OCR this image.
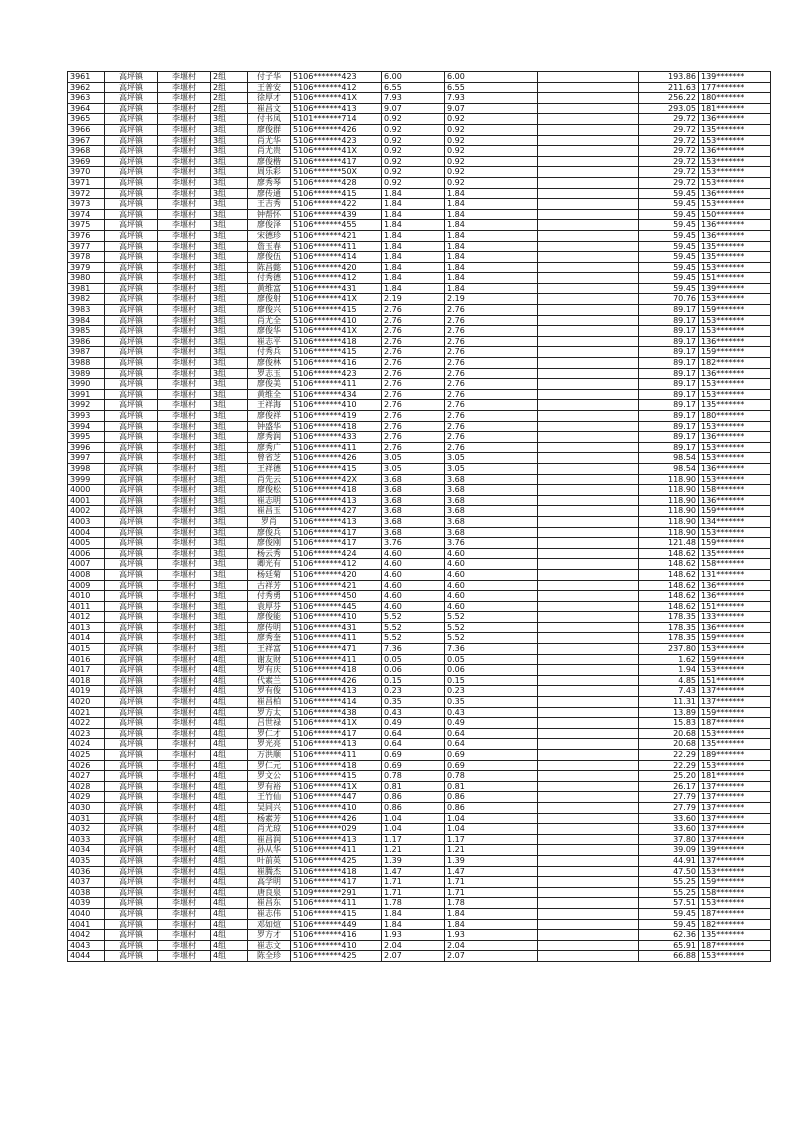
3961	高坪镇	李堰村	2组	付子华	5106*******423	6.00	6.00		193.86	139*******
3962	高坪镇	李堰村	2组	王普安	5106*******412	6.55	6.55		211.63	177*******
3963	高坪镇	李堰村	2组	徐厚才	5106*******41X	7.93	7.93		256.22	180*******
3964	高坪镇	李堰村	2组	崔昌文	5106*******413	9.07	9.07		293.05	181*******
3965	高坪镇	李堰村	3组	付书凤	5101*******714	0.92	0.92		29.72	136*******
3966	高坪镇	李堰村	3组	廖俊群	5106*******426	0.92	0.92		29.72	135*******
3967	高坪镇	李堰村	3组	肖尤华	5106*******423	0.92	0.92		29.72	153*******
3968	高坪镇	李堰村	3组	肖尤贵	5106*******41X	0.92	0.92		29.72	136*******
3969	高坪镇	李堰村	3组	廖俊楷	5106*******417	0.92	0.92		29.72	153*******
3970	高坪镇	李堰村	3组	周乐彩	5106*******50X	0.92	0.92		29.72	153*******
3971	高坪镇	李堰村	3组	廖秀琴	5106*******428	0.92	0.92		29.72	153*******
3972	高坪镇	李堰村	3组	廖传通	5106*******415	1.84	1.84		59.45	136*******
3973	高坪镇	李堰村	3组	王吉秀	5106*******422	1.84	1.84		59.45	153*******
3974	高坪镇	李堰村	3组	钟帮怀	5106*******439	1.84	1.84		59.45	150*******
3975	高坪镇	李堰村	3组	廖俊泽	5106*******455	1.84	1.84		59.45	136*******
3976	高坪镇	李堰村	3组	宋德珍	5106*******421	1.84	1.84		59.45	136*******
3977	高坪镇	李堰村	3组	詹玉春	5106*******411	1.84	1.84		59.45	135*******
3978	高坪镇	李堰村	3组	廖俊伍	5106*******414	1.84	1.84		59.45	135*******
3979	高坪镇	李堰村	3组	陈昌懿	5106*******420	1.84	1.84		59.45	153*******
3980	高坪镇	李堰村	3组	付秀德	5106*******412	1.84	1.84		59.45	151*******
3981	高坪镇	李堰村	3组	黄维富	5106*******431	1.84	1.84		59.45	139*******
3982	高坪镇	李堰村	3组	廖俊射	5106*******41X	2.19	2.19		70.76	153*******
3983	高坪镇	李堰村	3组	廖俊兴	5106*******415	2.76	2.76		89.17	159*******
3984	高坪镇	李堰村	3组	肖尤全	5106*******410	2.76	2.76		89.17	153*******
3985	高坪镇	李堰村	3组	廖俊华	5106*******41X	2.76	2.76		89.17	153*******
3986	高坪镇	李堰村	3组	崔志平	5106*******418	2.76	2.76		89.17	136*******
3987	高坪镇	李堰村	3组	付秀兵	5106*******415	2.76	2.76		89.17	159*******
3988	高坪镇	李堰村	3组	廖俊林	5106*******416	2.76	2.76		89.17	182*******
3989	高坪镇	李堰村	3组	罗志玉	5106*******423	2.76	2.76		89.17	136*******
3990	高坪镇	李堰村	3组	廖俊美	5106*******411	2.76	2.76		89.17	153*******
3991	高坪镇	李堰村	3组	黄维全	5106*******434	2.76	2.76		89.17	153*******
3992	高坪镇	李堰村	3组	王祥海	5106*******410	2.76	2.76		89.17	135*******
3993	高坪镇	李堰村	3组	廖俊祥	5106*******419	2.76	2.76		89.17	180*******
3994	高坪镇	李堰村	3组	钟盛华	5106*******418	2.76	2.76		89.17	153*******
3995	高坪镇	李堰村	3组	廖秀润	5106*******433	2.76	2.76		89.17	136*******
3996	高坪镇	李堰村	3组	廖秀广	5106*******411	2.76	2.76		89.17	153*******
3997	高坪镇	李堰村	3组	曾省芝	5106*******426	3.05	3.05		98.54	153*******
3998	高坪镇	李堰村	3组	王祥德	5106*******415	3.05	3.05		98.54	136*******
3999	高坪镇	李堰村	3组	肖先云	5106*******42X	3.68	3.68		118.90	153*******
4000	高坪镇	李堰村	3组	廖俊松	5106*******418	3.68	3.68		118.90	158*******
4001	高坪镇	李堰村	3组	崔志明	5106*******413	3.68	3.68		118.90	136*******
4002	高坪镇	李堰村	3组	崔昌玉	5106*******427	3.68	3.68		118.90	159*******
4003	高坪镇	李堰村	3组	罗肖	5106*******413	3.68	3.68		118.90	134*******
4004	高坪镇	李堰村	3组	廖俊兵	5106*******417	3.68	3.68		118.90	153*******
4005	高坪镇	李堰村	3组	廖俊刚	5106*******417	3.76	3.76		121.48	159*******
4006	高坪镇	李堰村	3组	杨云秀	5106*******424	4.60	4.60		148.62	135*******
4007	高坪镇	李堰村	3组	卿光有	5106*******412	4.60	4.60		148.62	158*******
4008	高坪镇	李堰村	3组	杨廷菊	5106*******420	4.60	4.60		148.62	131*******
4009	高坪镇	李堰村	3组	古祥芳	5106*******421	4.60	4.60		148.62	136*******
4010	高坪镇	李堰村	3组	付秀勇	5106*******450	4.60	4.60		148.62	136*******
4011	高坪镇	李堰村	3组	袁厚芬	5106*******445	4.60	4.60		148.62	151*******
4012	高坪镇	李堰村	3组	廖俊能	5106*******410	5.52	5.52		178.35	133*******
4013	高坪镇	李堰村	3组	廖传明	5106*******431	5.52	5.52		178.35	136*******
4014	高坪镇	李堰村	3组	廖秀奎	5106*******411	5.52	5.52		178.35	159*******
4015	高坪镇	李堰村	3组	王祥富	5106*******471	7.36	7.36		237.80	153*******
4016	高坪镇	李堰村	4组	谢友财	5106*******411	0.05	0.05		1.62	159*******
4017	高坪镇	李堰村	4组	罗有庆	5106*******418	0.06	0.06		1.94	153*******
4018	高坪镇	李堰村	4组	代素兰	5106*******426	0.15	0.15		4.85	151*******
4019	高坪镇	李堰村	4组	罗有俊	5106*******413	0.23	0.23		7.43	137*******
4020	高坪镇	李堰村	4组	崔昌柏	5106*******414	0.35	0.35		11.31	137*******
4021	高坪镇	李堰村	4组	罗方太	5106*******438	0.43	0.43		13.89	159*******
4022	高坪镇	李堰村	4组	吕世禄	5106*******41X	0.49	0.49		15.83	187*******
4023	高坪镇	李堰村	4组	罗仁才	5106*******417	0.64	0.64		20.68	153*******
4024	高坪镇	李堰村	4组	罗光亮	5106*******413	0.64	0.64		20.68	135*******
4025	高坪镇	李堰村	4组	万洪顺	5106*******411	0.69	0.69		22.29	189*******
4026	高坪镇	李堰村	4组	罗仁元	5106*******418	0.69	0.69		22.29	153*******
4027	高坪镇	李堰村	4组	罗文公	5106*******415	0.78	0.78		25.20	181*******
4028	高坪镇	李堰村	4组	罗有裕	5106*******41X	0.81	0.81		26.17	137*******
4029	高坪镇	李堰村	4组	王竹仙	5106*******447	0.86	0.86		27.79	137*******
4030	高坪镇	李堰村	4组	吴同兴	5106*******410	0.86	0.86		27.79	137*******
4031	高坪镇	李堰村	4组	杨素芳	5106*******426	1.04	1.04		33.60	137*******
4032	高坪镇	李堰村	4组	肖尤琼	5106*******029	1.04	1.04		33.60	137*******
4033	高坪镇	李堰村	4组	崔昌润	5106*******413	1.17	1.17		37.80	137*******
4034	高坪镇	李堰村	4组	孙从华	5106*******411	1.21	1.21		39.09	139*******
4035	高坪镇	李堰村	4组	叶前英	5106*******425	1.39	1.39		44.91	137*******
4036	高坪镇	李堰村	4组	崔腾杰	5106*******418	1.47	1.47		47.50	153*******
4037	高坪镇	李堰村	4组	高学明	5106*******417	1.71	1.71		55.25	159*******
4038	高坪镇	李堰村	4组	唐良泉	5109*******291	1.71	1.71		55.25	158*******
4039	高坪镇	李堰村	4组	崔昌东	5106*******411	1.78	1.78		57.51	153*******
4040	高坪镇	李堰村	4组	崔志伟	5106*******415	1.84	1.84		59.45	187*******
4041	高坪镇	李堰村	4组	邓如煊	5106*******449	1.84	1.84		59.45	182*******
4042	高坪镇	李堰村	4组	罗方才	5106*******416	1.93	1.93		62.36	135*******
4043	高坪镇	李堰村	4组	崔志文	5106*******410	2.04	2.04		65.91	187*******
4044	高坪镇	李堰村	4组	陈全珍	5106*******425	2.07	2.07		66.88	153*******
